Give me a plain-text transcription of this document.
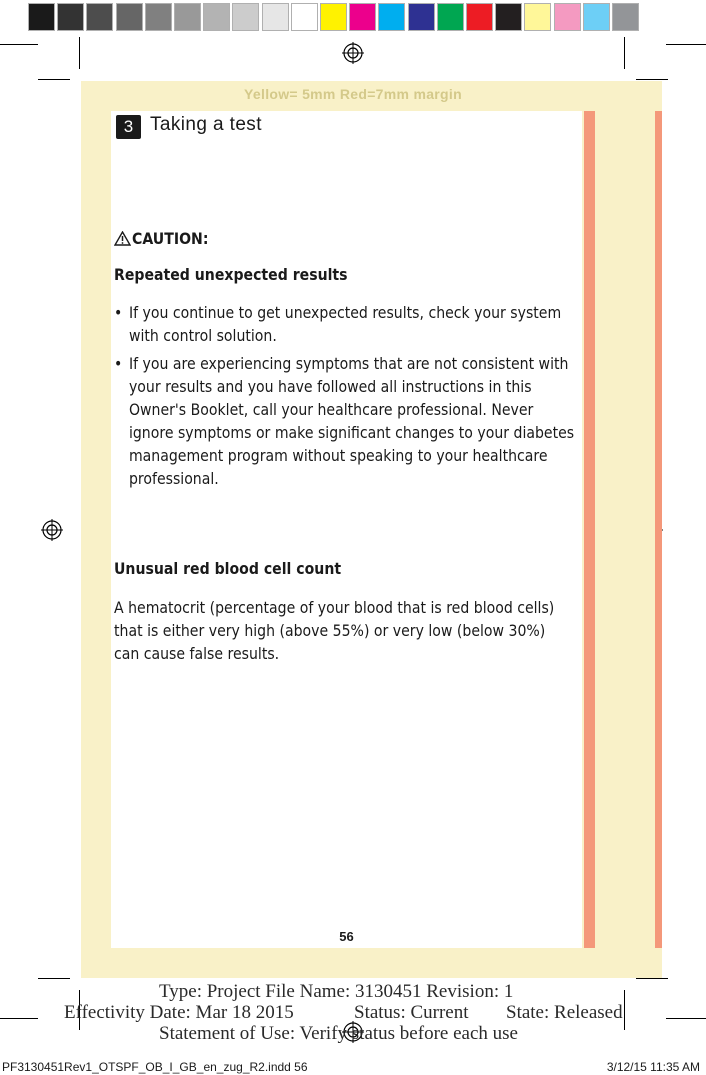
Yellow= 5mm Red=7mm margin
3 Taking a test
CAUTION:
Repeated unexpected results
• If you continue to get unexpected results, check your system with control solution.
• If you are experiencing symptoms that are not consistent with your results and you have followed all instructions in this Owner's Booklet, call your healthcare professional. Never ignore symptoms or make significant changes to your diabetes management program without speaking to your healthcare professional.
Unusual red blood cell count
A hematocrit (percentage of your blood that is red blood cells) that is either very high (above 55%) or very low (below 30%) can cause false results.
56
Type: Project File Name: 3130451 Revision: 1
Effectivity Date: Mar 18 2015	Status: Current State: Released
Statement of Use: Verify status before each use
PF3130451Rev1_OTSPF_OB_I_GB_en_zug_R2.indd 56	3/12/15 11:35 AM
